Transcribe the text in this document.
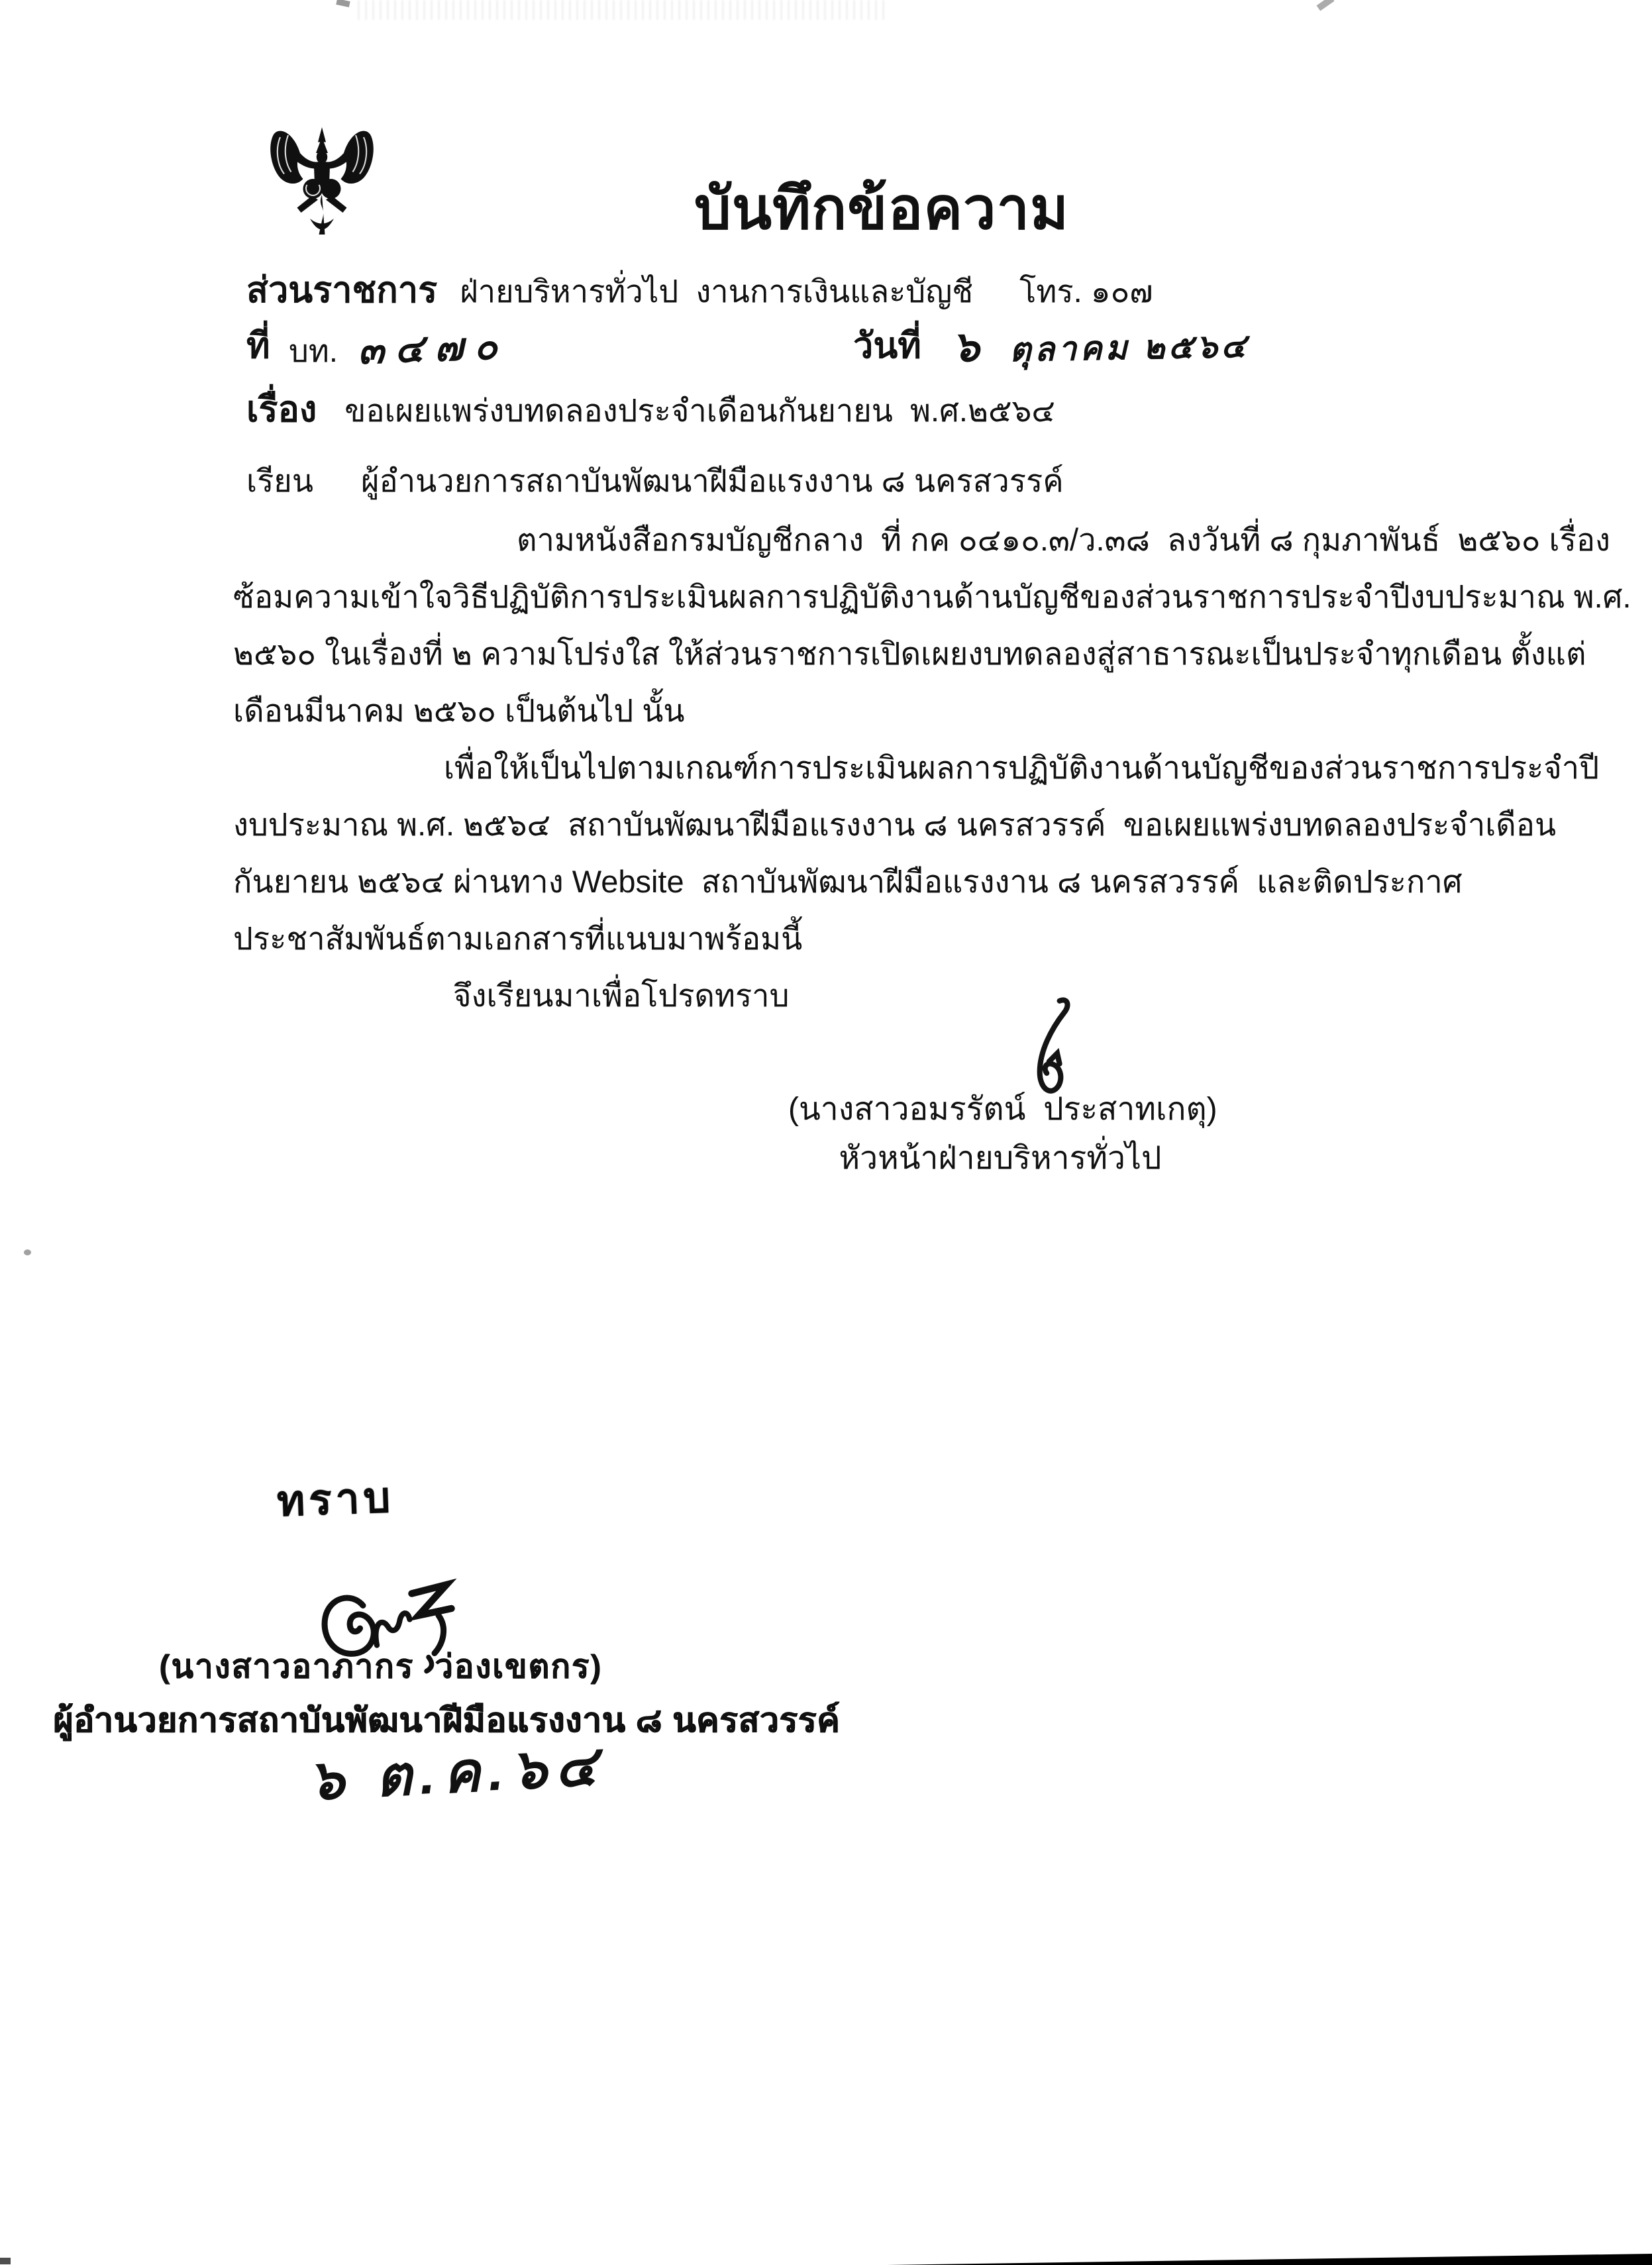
บันทึกข้อความ
ส่วนราชการ ฝ่ายบริหารทั่วไป  งานการเงินและบัญชี โทร. ๑๐๗
ที่ บท. ๓๔๗๐	วันที่ ๖ ตุลาคม ๒๕๖๔
เรื่อง ขอเผยแพร่งบทดลองประจำเดือนกันยายน  พ.ศ.๒๕๖๔
เรียน ผู้อำนวยการสถาบันพัฒนาฝีมือแรงงาน ๘ นครสวรรค์
ตามหนังสือกรมบัญชีกลาง  ที่ กค ๐๔๑๐.๓/ว.๓๘  ลงวันที่ ๘ กุมภาพันธ์  ๒๕๖๐ เรื่อง
ซ้อมความเข้าใจวิธีปฏิบัติการประเมินผลการปฏิบัติงานด้านบัญชีของส่วนราชการประจำปีงบประมาณ พ.ศ.
๒๕๖๐ ในเรื่องที่ ๒ ความโปร่งใส ให้ส่วนราชการเปิดเผยงบทดลองสู่สาธารณะเป็นประจำทุกเดือน ตั้งแต่
เดือนมีนาคม ๒๕๖๐ เป็นต้นไป นั้น
เพื่อให้เป็นไปตามเกณฑ์การประเมินผลการปฏิบัติงานด้านบัญชีของส่วนราชการประจำปี
งบประมาณ พ.ศ. ๒๕๖๔  สถาบันพัฒนาฝีมือแรงงาน ๘ นครสวรรค์  ขอเผยแพร่งบทดลองประจำเดือน
กันยายน ๒๕๖๔ ผ่านทาง Website  สถาบันพัฒนาฝีมือแรงงาน ๘ นครสวรรค์  และติดประกาศ
ประชาสัมพันธ์ตามเอกสารที่แนบมาพร้อมนี้
จึงเรียนมาเพื่อโปรดทราบ
(นางสาวอมรรัตน์  ประสาทเกตุ)
หัวหน้าฝ่ายบริหารทั่วไป
ทราบ
(นางสาวอาภากร  ว่องเขตกร)
ผู้อำนวยการสถาบันพัฒนาฝีมือแรงงาน ๘ นครสวรรค์
๖ ต.ค.๖๔
